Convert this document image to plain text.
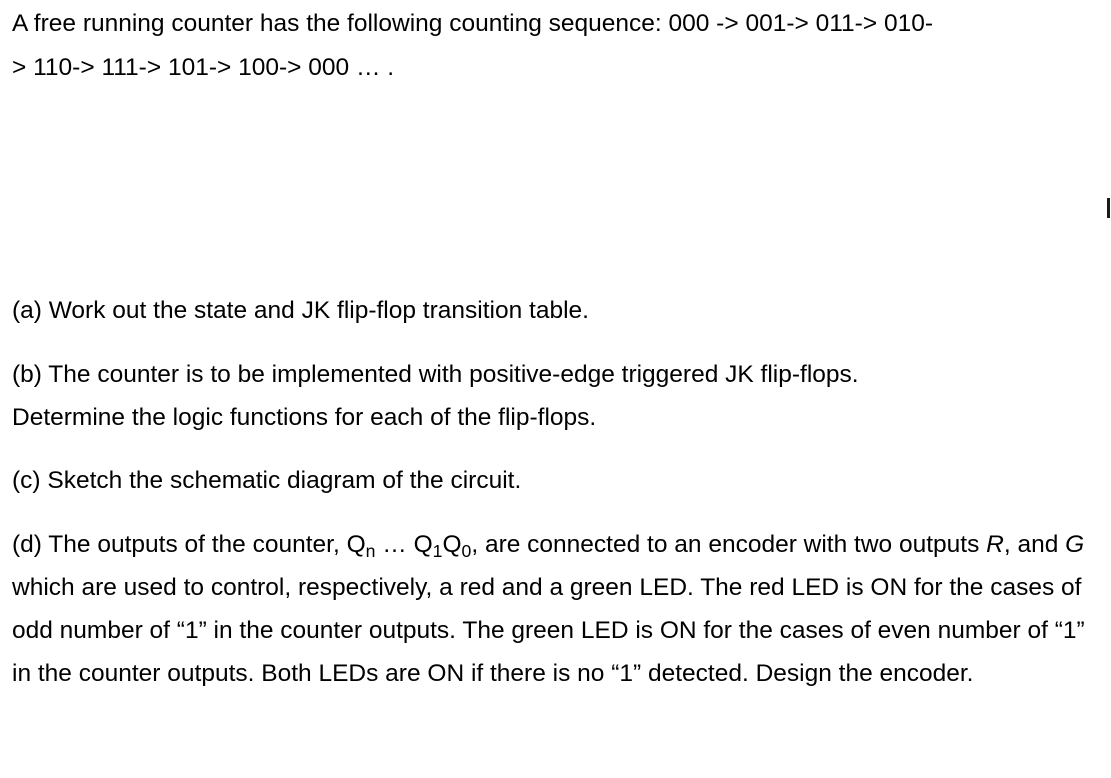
A free running counter has the following counting sequence: 000 -> 001-> 011-> 010-
> 110-> 111-> 101-> 100-> 000 … .

(a) Work out the state and JK flip-flop transition table.

(b) The counter is to be implemented with positive-edge triggered JK flip-flops.
Determine the logic functions for each of the flip-flops.

(c) Sketch the schematic diagram of the circuit.

(d) The outputs of the counter, $Q_n$ … $Q_1Q_0$, are connected to an encoder with two outputs R, and G which are used to control, respectively, a red and a green LED. The red LED is ON for the cases of odd number of “1” in the counter outputs. The green LED is ON for the cases of even number of “1” in the counter outputs. Both LEDs are ON if there is no “1” detected. Design the encoder.
